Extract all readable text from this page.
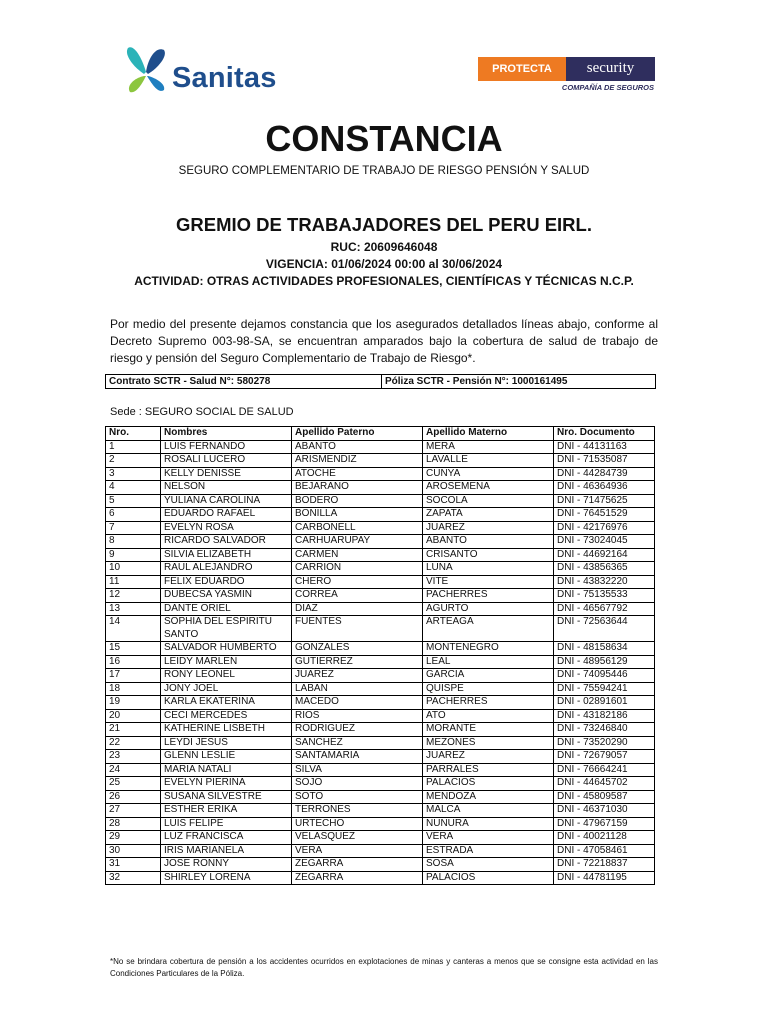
Sanitas	PROTECTA	security
COMPAÑÍA DE SEGUROS
CONSTANCIA
SEGURO COMPLEMENTARIO DE TRABAJO DE RIESGO PENSIÓN Y SALUD
GREMIO DE TRABAJADORES DEL PERU EIRL.
RUC: 20609646048
VIGENCIA: 01/06/2024 00:00 al 30/06/2024
ACTIVIDAD: OTRAS ACTIVIDADES PROFESIONALES, CIENTÍFICAS Y TÉCNICAS N.C.P.
Por medio del presente dejamos constancia que los asegurados detallados líneas abajo, conforme al Decreto Supremo 003-98-SA, se encuentran amparados bajo la cobertura de salud de trabajo de riesgo y pensión del Seguro Complementario de Trabajo de Riesgo*.
Contrato SCTR - Salud N°: 580278	Póliza SCTR - Pensión N°: 1000161495
Sede : SEGURO SOCIAL DE SALUD
Nro.	Nombres	Apellido Paterno	Apellido Materno	Nro. Documento
1	LUIS FERNANDO	ABANTO	MERA	DNI - 44131163
2	ROSALI LUCERO	ARISMENDIZ	LAVALLE	DNI - 71535087
3	KELLY DENISSE	ATOCHE	CUNYA	DNI - 44284739
4	NELSON	BEJARANO	AROSEMENA	DNI - 46364936
5	YULIANA CAROLINA	BODERO	SOCOLA	DNI - 71475625
6	EDUARDO RAFAEL	BONILLA	ZAPATA	DNI - 76451529
7	EVELYN ROSA	CARBONELL	JUAREZ	DNI - 42176976
8	RICARDO SALVADOR	CARHUARUPAY	ABANTO	DNI - 73024045
9	SILVIA ELIZABETH	CARMEN	CRISANTO	DNI - 44692164
10	RAUL ALEJANDRO	CARRION	LUNA	DNI - 43856365
11	FELIX EDUARDO	CHERO	VITE	DNI - 43832220
12	DUBECSA YASMIN	CORREA	PACHERRES	DNI - 75135533
13	DANTE ORIEL	DIAZ	AGURTO	DNI - 46567792
14	SOPHIA DEL ESPIRITU SANTO	FUENTES	ARTEAGA	DNI - 72563644
15	SALVADOR HUMBERTO	GONZALES	MONTENEGRO	DNI - 48158634
16	LEIDY MARLEN	GUTIERREZ	LEAL	DNI - 48956129
17	RONY LEONEL	JUAREZ	GARCIA	DNI - 74095446
18	JONY JOEL	LABAN	QUISPE	DNI - 75594241
19	KARLA EKATERINA	MACEDO	PACHERRES	DNI - 02891601
20	CECI MERCEDES	RIOS	ATO	DNI - 43182186
21	KATHERINE LISBETH	RODRIGUEZ	MORANTE	DNI - 73246840
22	LEYDI JESUS	SANCHEZ	MEZONES	DNI - 73520290
23	GLENN LESLIE	SANTAMARIA	JUAREZ	DNI - 72679057
24	MARIA NATALI	SILVA	PARRALES	DNI - 76664241
25	EVELYN PIERINA	SOJO	PALACIOS	DNI - 44645702
26	SUSANA SILVESTRE	SOTO	MENDOZA	DNI - 45809587
27	ESTHER ERIKA	TERRONES	MALCA	DNI - 46371030
28	LUIS FELIPE	URTECHO	NUNURA	DNI - 47967159
29	LUZ FRANCISCA	VELASQUEZ	VERA	DNI - 40021128
30	IRIS MARIANELA	VERA	ESTRADA	DNI - 47058461
31	JOSE RONNY	ZEGARRA	SOSA	DNI - 72218837
32	SHIRLEY LORENA	ZEGARRA	PALACIOS	DNI - 44781195
*No se brindara cobertura de pensión a los accidentes ocurridos en explotaciones de minas y canteras a menos que se consigne esta actividad en las Condiciones Particulares de la Póliza.
